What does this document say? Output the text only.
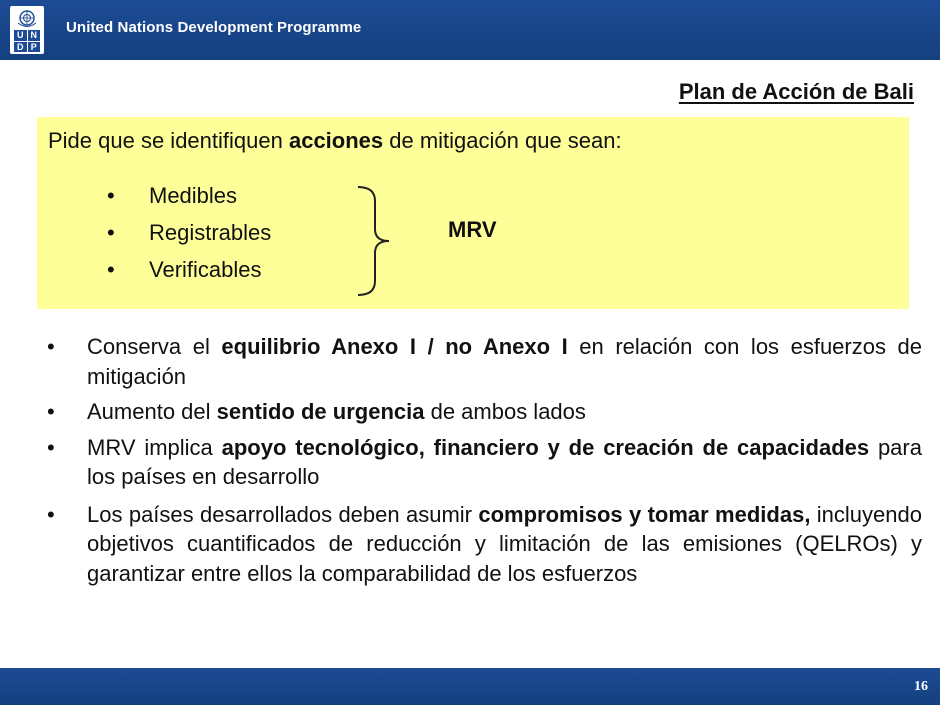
U N
D P
United Nations Development Programme
Plan de Acción de Bali
Pide que se identifiquen acciones de mitigación que sean:
• Medibles
• Registrables
• Verificables
MRV
• Conserva el equilibrio Anexo I / no Anexo I en relación con los esfuerzos de mitigación
• Aumento del sentido de urgencia de ambos lados
• MRV implica apoyo tecnológico, financiero y de creación de capacidades para los países en desarrollo
• Los países desarrollados deben asumir compromisos y tomar medidas, incluyendo objetivos cuantificados de reducción y limitación de las emisiones (QELROs) y garantizar entre ellos la comparabilidad de los esfuerzos
16
